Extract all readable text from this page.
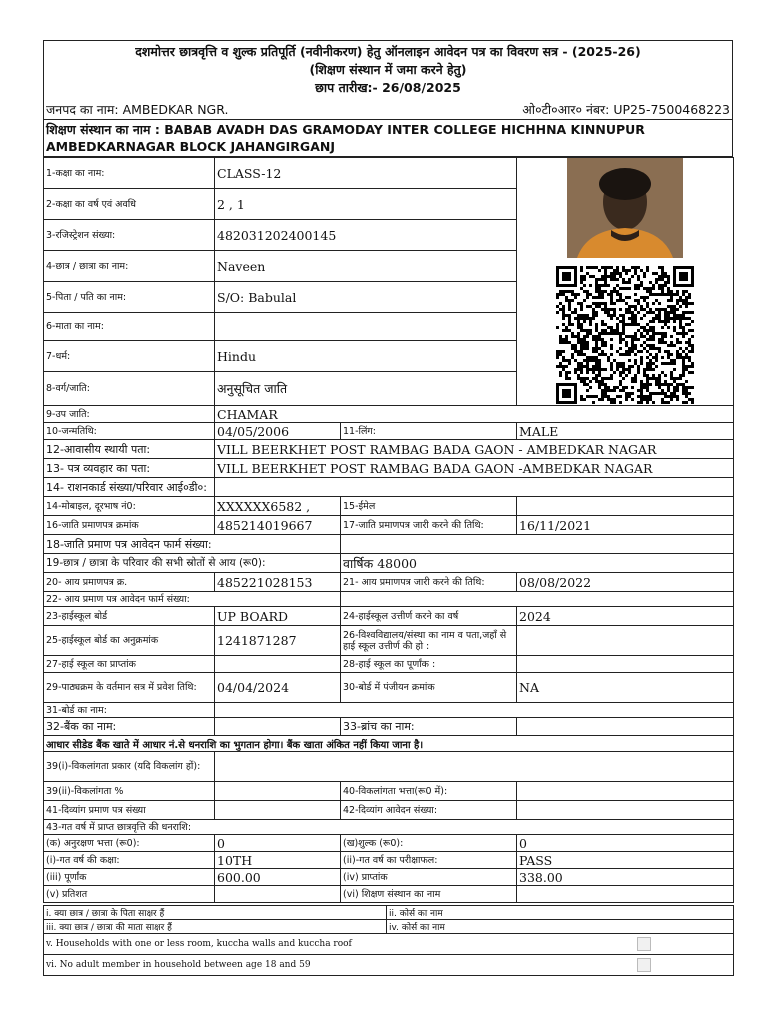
दशमोत्तर छात्रवृत्ति व शुल्क प्रतिपूर्ति (नवीनीकरण) हेतु ऑनलाइन आवेदन पत्र का विवरण सत्र - (2025-26)
(शिक्षण संस्थान में जमा करने हेतु)
छाप तारीख:- 26/08/2025
जनपद का नाम: AMBEDKAR NGR.	ओ०टी०आर० नंबर: UP25-7500468223
शिक्षण संस्थान का नाम : BABAB AVADH DAS GRAMODAY INTER COLLEGE HICHHNA KINNUPUR AMBEDKARNAGAR BLOCK JAHANGIRGANJ
1-कक्षा का नाम:	CLASS-12	

2-कक्षा का वर्ष एवं अवधि	2 , 1		
3-रजिस्ट्रेशन संख्या:	482031202400145		
4-छात्र / छात्रा का नाम:	Naveen		
5-पिता / पति का नाम:	S/O: Babulal		
6-माता का नाम:			
7-धर्म:	Hindu		
8-वर्ग/जाति:	अनुसूचित जाति		
9-उप जाति:	CHAMAR		
10-जन्मतिथि:	04/05/2006	11-लिंग:	MALE
12-आवासीय स्थायी पता:	VILL BEERKHET POST RAMBAG BADA GAON - AMBEDKAR NAGAR		
13- पत्र व्यवहार का पता:	VILL BEERKHET POST RAMBAG BADA GAON -AMBEDKAR NAGAR		
14- राशनकार्ड संख्या/परिवार आई०डी०:			
14-मोबाइल, दूरभाष नं0:	XXXXXX6582 ,	15-ईमेल	
16-जाति प्रमाणपत्र क्रमांक	485214019667	17-जाति प्रमाणपत्र जारी करने की तिथि:	16/11/2021
18-जाति प्रमाण पत्र आवेदन फार्म संख्या:			
19-छात्र / छात्रा के परिवार की सभी स्रोतों से आय (रू0):		वार्षिक 48000	
20- आय प्रमाणपत्र क्र.	485221028153	21- आय प्रमाणपत्र जारी करने की तिथि:	08/08/2022
22- आय प्रमाण पत्र आवेदन फार्म संख्या:			
23-हाईस्कूल बोर्ड	UP BOARD	24-हाईस्कूल उत्तीर्ण करने का वर्ष	2024
25-हाईस्कूल बोर्ड का अनुक्रमांक	1241871287	26-विश्वविद्यालय/संस्था का नाम व पता,जहाँ से हाई स्कूल उत्तीर्ण की हो :	
27-हाई स्कूल का प्राप्तांक		28-हाई स्कूल का पूर्णांक :	
29-पाठ्यक्रम के वर्तमान सत्र में प्रवेश तिथि:	04/04/2024	30-बोर्ड में पंजीयन क्रमांक	NA
31-बोर्ड का नाम:			
32-बैंक का नाम:		33-ब्रांच का नाम:	
आधार सीडेड बैंक खाते में आधार नं.से धनराशि का भुगतान होगा। बैंक खाता अंकित नहीं किया जाना है।			
39(i)-विकलांगता प्रकार (यदि विकलांग हों):			
39(ii)-विकलांगता %		40-विकलांगता भत्ता(रू0 में):	
41-दिव्यांग प्रमाण पत्र संख्या		42-दिव्यांग आवेदन संख्या:	
43-गत वर्ष में प्राप्त छात्रवृत्ति की धनराशि:			
(क) अनुरक्षण भत्ता (रू0):	0	(ख)शुल्क (रू0):	0
(i)-गत वर्ष की कक्षा:	10TH	(ii)-गत वर्ष का परीक्षाफल:	PASS
(iii) पूर्णांक	600.00	(iv) प्राप्तांक	338.00
(v) प्रतिशत		(vi) शिक्षण संस्थान का नाम	
i. क्या छात्र / छात्रा के पिता साक्षर हैं	ii. कोर्स का नाम
iii. क्या छात्र / छात्रा की माता साक्षर हैं	iv. कोर्स का नाम

v. Households with one or less room, kuccha walls and kuccha roof	

vi. No adult member in household between age 18 and 59	
